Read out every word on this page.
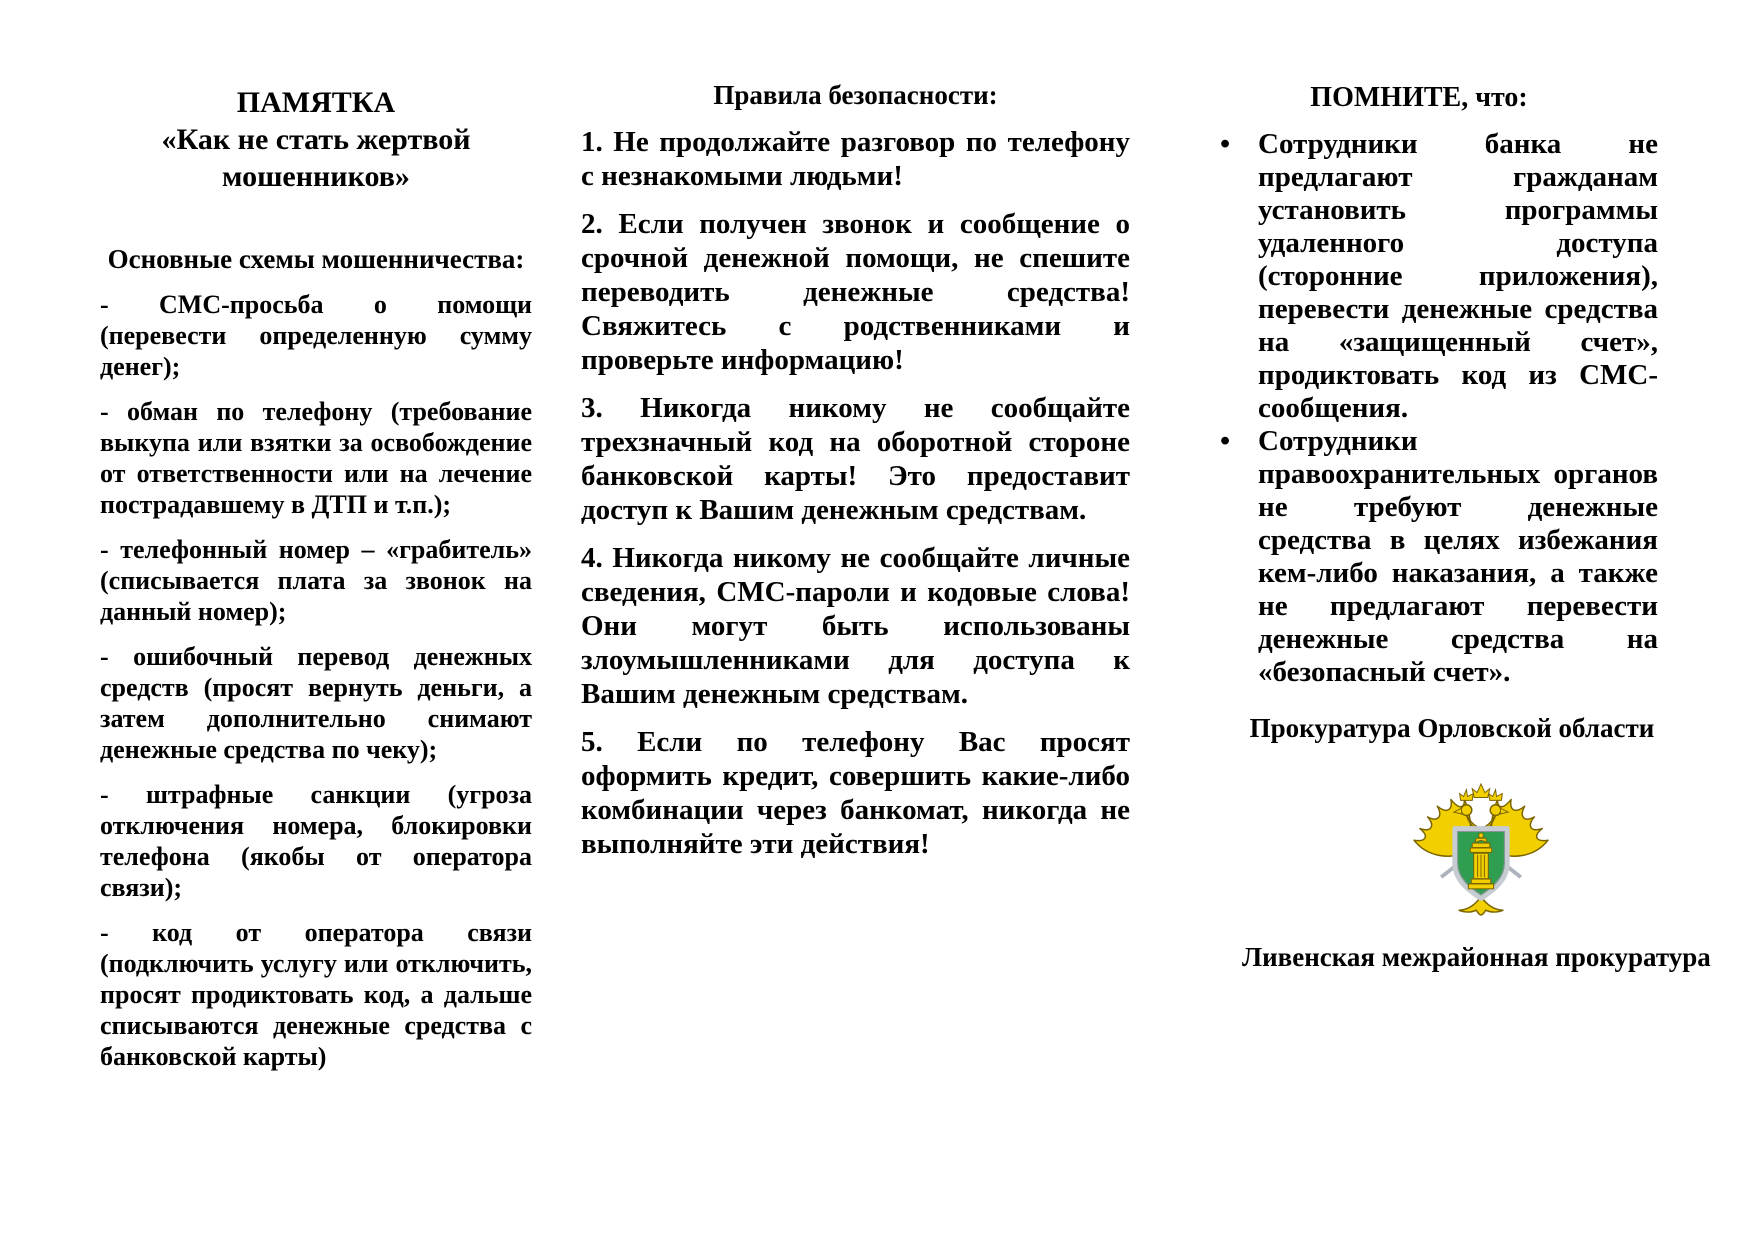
ПАМЯТКА
«Как не стать жертвой
мошенников»
Основные схемы мошенничества:

- СМС-просьба о помощи (перевести определенную сумму денег);

- обман по телефону (требование выкупа или взятки за освобождение от ответственности или на лечение пострадавшему в ДТП и т.п.);

- телефонный номер – «грабитель» (списывается плата за звонок на данный номер);

- ошибочный перевод денежных средств (просят вернуть деньги, а затем дополнительно снимают денежные средства по чеку);

- штрафные санкции (угроза отключения номера, блокировки телефона (якобы от оператора связи);

- код от оператора связи (подключить услугу или отключить, просят продиктовать код, а дальше списываются денежные средства с банковской карты)

Правила безопасности:

1. Не продолжайте разговор по телефону с незнакомыми людьми!

2. Если получен звонок и сообщение о срочной денежной помощи, не спешите переводить денежные средства! Свяжитесь с родственниками и проверьте информацию!

3. Никогда никому не сообщайте трехзначный код на оборотной стороне банковской карты! Это предоставит доступ к Вашим денежным средствам.

4. Никогда никому не сообщайте личные сведения, СМС-пароли и кодовые слова! Они могут быть использованы злоумышленниками для доступа к Вашим денежным средствам.

5. Если по телефону Вас просят оформить кредит, совершить какие-либо комбинации через банкомат, никогда не выполняйте эти действия!

ПОМНИТЕ, что:
• Сотрудники банка не предлагают гражданам установить программы удаленного доступа (сторонние приложения), перевести денежные средства на «защищенный счет», продиктовать код из СМС-сообщения.

• Сотрудники правоохранительных органов не требуют денежные средства в целях избежания кем-либо наказания, а также не предлагают перевести денежные средства на «безопасный счет».

Прокуратура Орловской области
Ливенская межрайонная прокуратура
